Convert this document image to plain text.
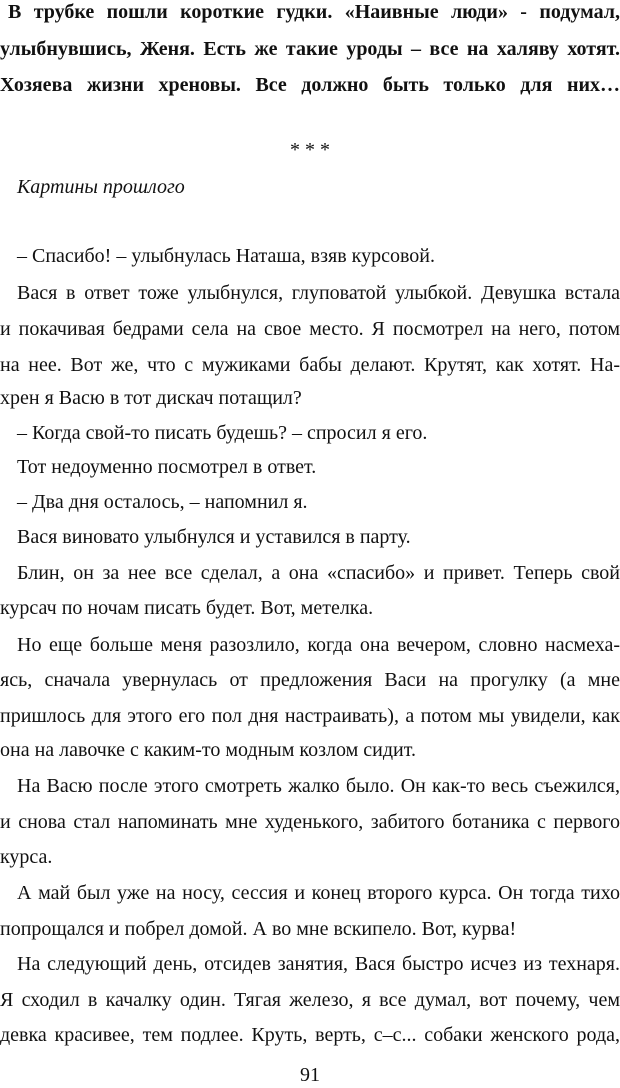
В трубке пошли короткие гудки. «Наивные люди» - подумал,
улыбнувшись, Женя. Есть же такие уроды – все на халяву хотят.
Хозяева жизни хреновы. Все должно быть только для них…
* * *
Картины прошлого
– Спасибо! – улыбнулась Наташа, взяв курсовой.
Вася в ответ тоже улыбнулся, глуповатой улыбкой. Девушка встала
и покачивая бедрами села на свое место. Я посмотрел на него, потом
на нее. Вот же, что с мужиками бабы делают. Крутят, как хотят. На-
хрен я Васю в тот дискач потащил?
– Когда свой-то писать будешь? – спросил я его.
Тот недоуменно посмотрел в ответ.
– Два дня осталось, – напомнил я.
Вася виновато улыбнулся и уставился в парту.
Блин, он за нее все сделал, а она «спасибо» и привет. Теперь свой
курсач по ночам писать будет. Вот, метелка.
Но еще больше меня разозлило, когда она вечером, словно насмеха-
ясь, сначала увернулась от предложения Васи на прогулку (а мне
пришлось для этого его пол дня настраивать), а потом мы увидели, как
она на лавочке с каким-то модным козлом сидит.
На Васю после этого смотреть жалко было. Он как-то весь съежился,
и снова стал напоминать мне худенького, забитого ботаника с первого
курса.
А май был уже на носу, сессия и конец второго курса. Он тогда тихо
попрощался и побрел домой. А во мне вскипело. Вот, курва!
На следующий день, отсидев занятия, Вася быстро исчез из технаря.
Я сходил в качалку один. Тягая железо, я все думал, вот почему, чем
девка красивее, тем подлее. Круть, верть, с–с... собаки женского рода,
91
